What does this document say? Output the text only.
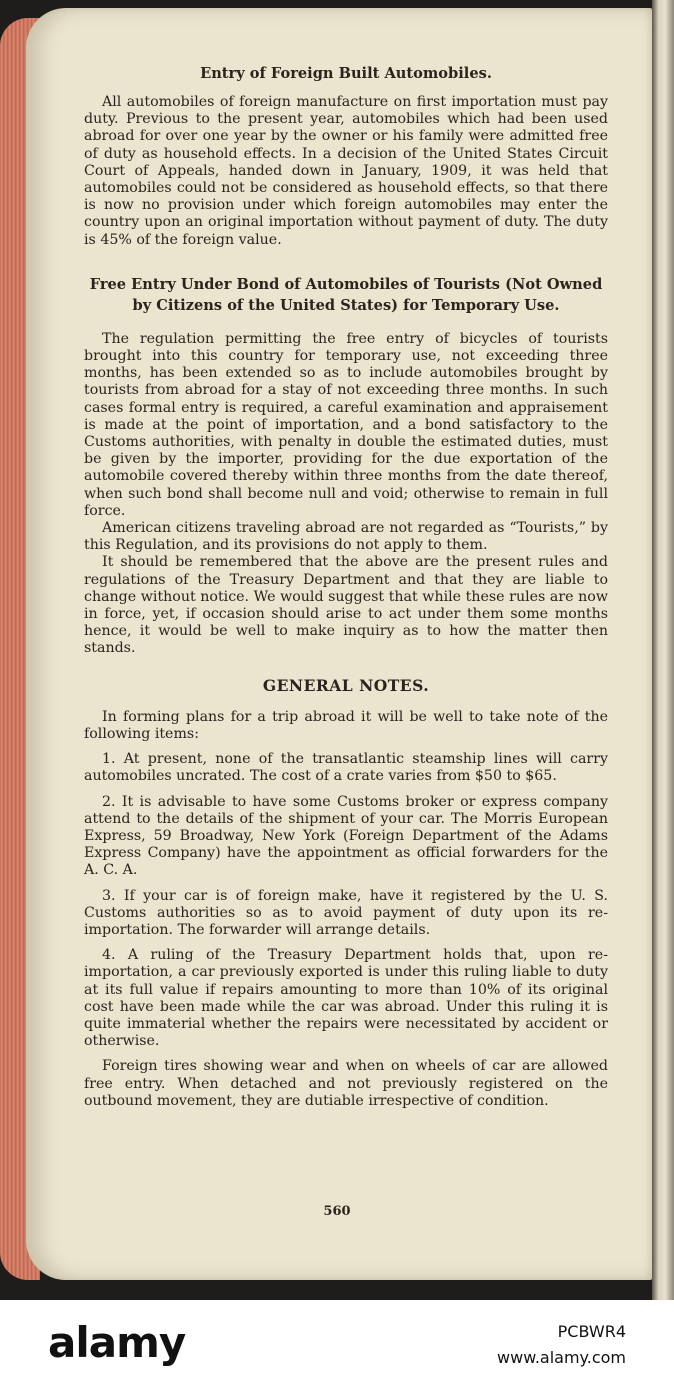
Entry of Foreign Built Automobiles.

All automobiles of foreign manufacture on first importation must pay duty. Previous to the present year, automobiles which had been used abroad for over one year by the owner or his family were admitted free of duty as household effects. In a decision of the United States Circuit Court of Appeals, handed down in January, 1909, it was held that automobiles could not be considered as household effects, so that there is now no provision under which foreign automobiles may enter the country upon an original importation without payment of duty. The duty is 45% of the foreign value.

Free Entry Under Bond of Automobiles of Tourists (Not Owned by Citizens of the United States) for Temporary Use.

The regulation permitting the free entry of bicycles of tourists brought into this country for temporary use, not exceeding three months, has been extended so as to include automobiles brought by tourists from abroad for a stay of not exceeding three months. In such cases formal entry is required, a careful examination and appraisement is made at the point of importation, and a bond satisfactory to the Customs authorities, with penalty in double the estimated duties, must be given by the importer, providing for the due exportation of the automobile covered thereby within three months from the date thereof, when such bond shall become null and void; otherwise to remain in full force.

American citizens traveling abroad are not regarded as “Tourists,” by this Regulation, and its provisions do not apply to them.

It should be remembered that the above are the present rules and regulations of the Treasury Department and that they are liable to change without notice. We would suggest that while these rules are now in force, yet, if occasion should arise to act under them some months hence, it would be well to make inquiry as to how the matter then stands.

GENERAL NOTES.

In forming plans for a trip abroad it will be well to take note of the following items:

1. At present, none of the transatlantic steamship lines will carry automobiles uncrated. The cost of a crate varies from $50 to $65.

2. It is advisable to have some Customs broker or express company attend to the details of the shipment of your car. The Morris European Express, 59 Broadway, New York (Foreign Department of the Adams Express Company) have the appointment as official forwarders for the A. C. A.

3. If your car is of foreign make, have it registered by the U. S. Customs authorities so as to avoid payment of duty upon its re-importation. The forwarder will arrange details.

4. A ruling of the Treasury Department holds that, upon re-importation, a car previously exported is under this ruling liable to duty at its full value if repairs amounting to more than 10% of its original cost have been made while the car was abroad. Under this ruling it is quite immaterial whether the repairs were necessitated by accident or otherwise.

Foreign tires showing wear and when on wheels of car are allowed free entry. When detached and not previously registered on the outbound movement, they are dutiable irrespective of condition.

560
alamy	PCBWR4
www.alamy.com
